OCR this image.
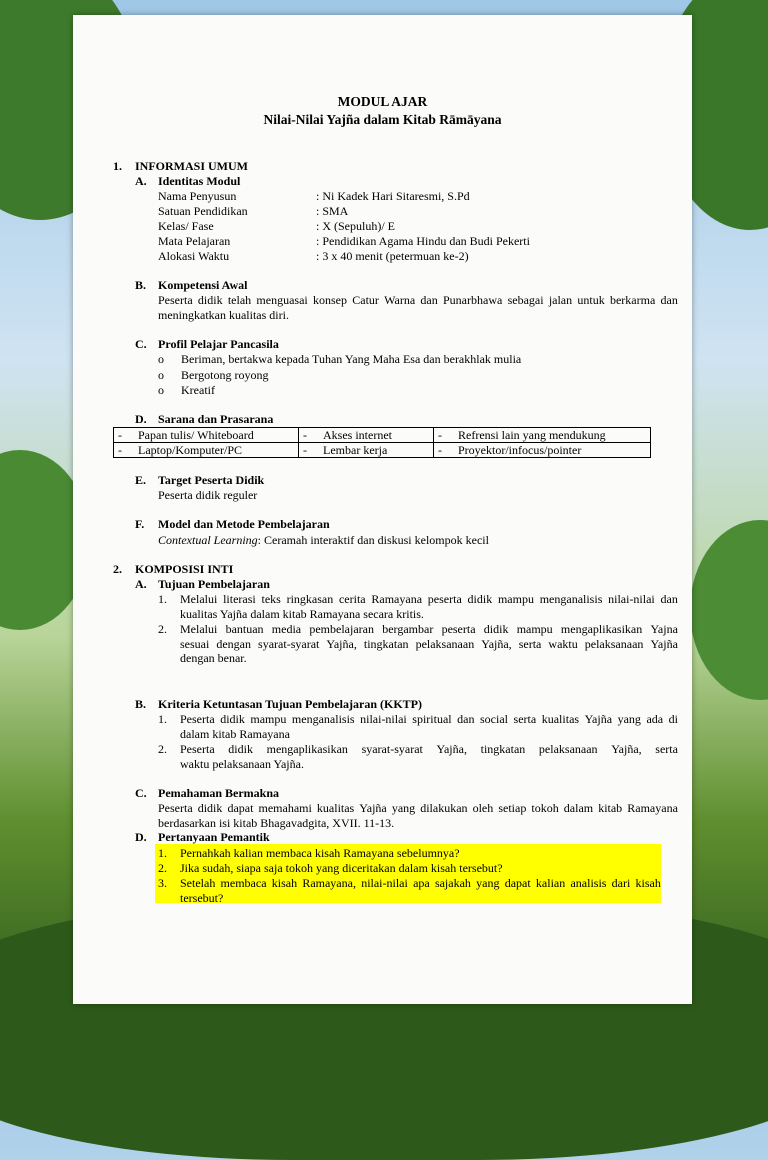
MODUL AJAR
Nilai-Nilai Yajña dalam Kitab Rāmāyana
1. INFORMASI UMUM
A. Identitas Modul
Nama Penyusun	: Ni Kadek Hari Sitaresmi, S.Pd
Satuan Pendidikan	: SMA
Kelas/ Fase	: X (Sepuluh)/ E
Mata Pelajaran	: Pendidikan Agama Hindu dan Budi Pekerti
Alokasi Waktu	: 3 x 40 menit (petermuan ke-2)
B. Kompetensi Awal
Peserta didik telah menguasai konsep Catur Warna dan Punarbhawa sebagai jalan untuk berkarma dan
meningkatkan kualitas diri.
C. Profil Pelajar Pancasila
o	Beriman, bertakwa kepada Tuhan Yang Maha Esa dan berakhlak mulia
o	Bergotong royong
o	Kreatif
D. Sarana dan Prasarana
- Papan tulis/ Whiteboard	- Akses internet	- Refrensi lain yang mendukung
- Laptop/Komputer/PC	- Lembar kerja	- Proyektor/infocus/pointer
E. Target Peserta Didik
Peserta didik reguler
F. Model dan Metode Pembelajaran
Contextual Learning: Ceramah interaktif dan diskusi kelompok kecil
2. KOMPOSISI INTI
A. Tujuan Pembelajaran
1.	Melalui literasi teks ringkasan cerita Ramayana peserta didik mampu menganalisis nilai-nilai dan
kualitas Yajña dalam kitab Ramayana secara kritis.
2.	Melalui bantuan media pembelajaran bergambar peserta didik mampu mengaplikasikan Yajna
sesuai dengan syarat-syarat Yajña, tingkatan pelaksanaan Yajña, serta waktu pelaksanaan Yajña
dengan benar.
B. Kriteria Ketuntasan Tujuan Pembelajaran (KKTP)
1.	Peserta didik mampu menganalisis nilai-nilai spiritual dan social serta kualitas Yajña yang ada di
dalam kitab Ramayana
2.	Peserta didik mengaplikasikan syarat-syarat Yajña, tingkatan pelaksanaan Yajña, serta
waktu pelaksanaan Yajña.
C. Pemahaman Bermakna
Peserta didik dapat memahami kualitas Yajña yang dilakukan oleh setiap tokoh dalam kitab Ramayana
berdasarkan isi kitab Bhagavadgita, XVII. 11-13.
D. Pertanyaan Pemantik
1.	Pernahkah kalian membaca kisah Ramayana sebelumnya?
2.	Jika sudah, siapa saja tokoh yang diceritakan dalam kisah tersebut?
3.	Setelah membaca kisah Ramayana, nilai-nilai apa sajakah yang dapat kalian analisis dari kisah
tersebut?
